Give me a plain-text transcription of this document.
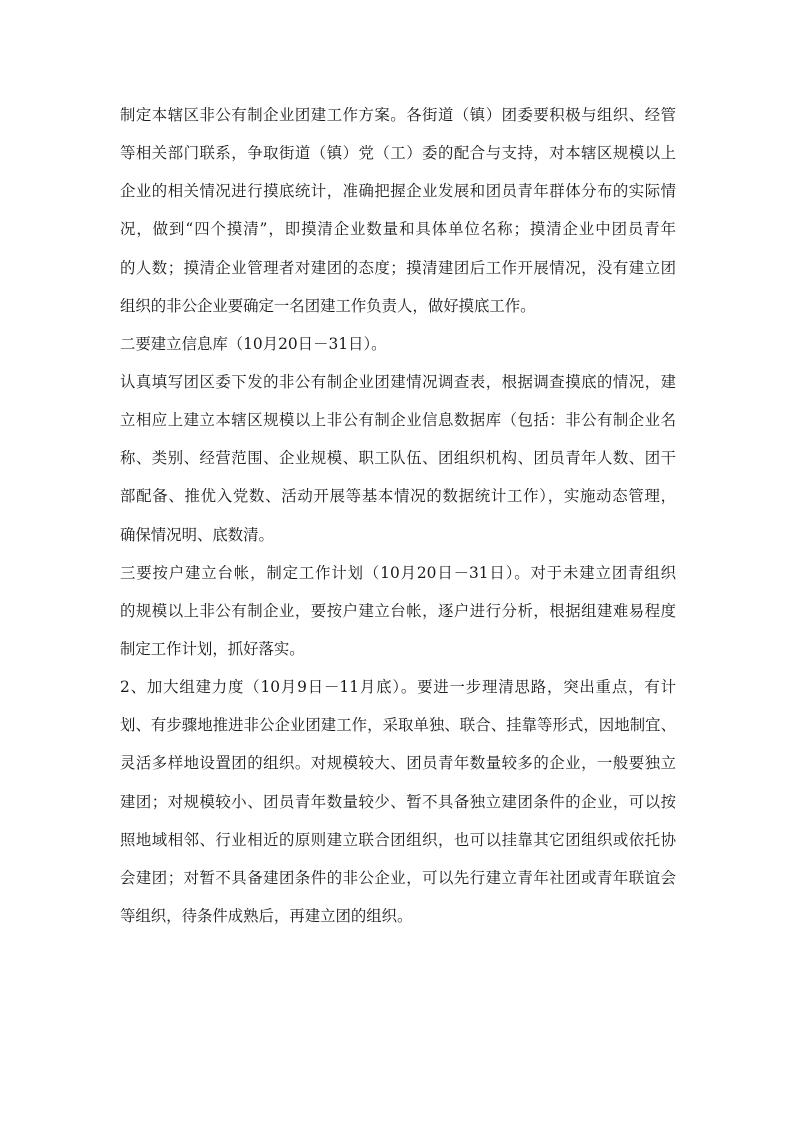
制定本辖区非公有制企业团建工作方案。各街道（镇）团委要积极与组织、经管
等相关部门联系，争取街道（镇）党（工）委的配合与支持，对本辖区规模以上
企业的相关情况进行摸底统计，准确把握企业发展和团员青年群体分布的实际情
况，做到“四个摸清”，即摸清企业数量和具体单位名称；摸清企业中团员青年
的人数；摸清企业管理者对建团的态度；摸清建团后工作开展情况，没有建立团
组织的非公企业要确定一名团建工作负责人，做好摸底工作。
二要建立信息库（10月20日－31日）。
认真填写团区委下发的非公有制企业团建情况调查表，根据调查摸底的情况，建
立相应上建立本辖区规模以上非公有制企业信息数据库（包括：非公有制企业名
称、类别、经营范围、企业规模、职工队伍、团组织机构、团员青年人数、团干
部配备、推优入党数、活动开展等基本情况的数据统计工作），实施动态管理，
确保情况明、底数清。
三要按户建立台帐，制定工作计划（10月20日－31日）。对于未建立团青组织
的规模以上非公有制企业，要按户建立台帐，逐户进行分析，根据组建难易程度
制定工作计划，抓好落实。
2、加大组建力度（10月9日－11月底）。要进一步理清思路，突出重点，有计
划、有步骤地推进非公企业团建工作，采取单独、联合、挂靠等形式，因地制宜、
灵活多样地设置团的组织。对规模较大、团员青年数量较多的企业，一般要独立
建团；对规模较小、团员青年数量较少、暂不具备独立建团条件的企业，可以按
照地域相邻、行业相近的原则建立联合团组织，也可以挂靠其它团组织或依托协
会建团；对暂不具备建团条件的非公企业，可以先行建立青年社团或青年联谊会
等组织，待条件成熟后，再建立团的组织。
